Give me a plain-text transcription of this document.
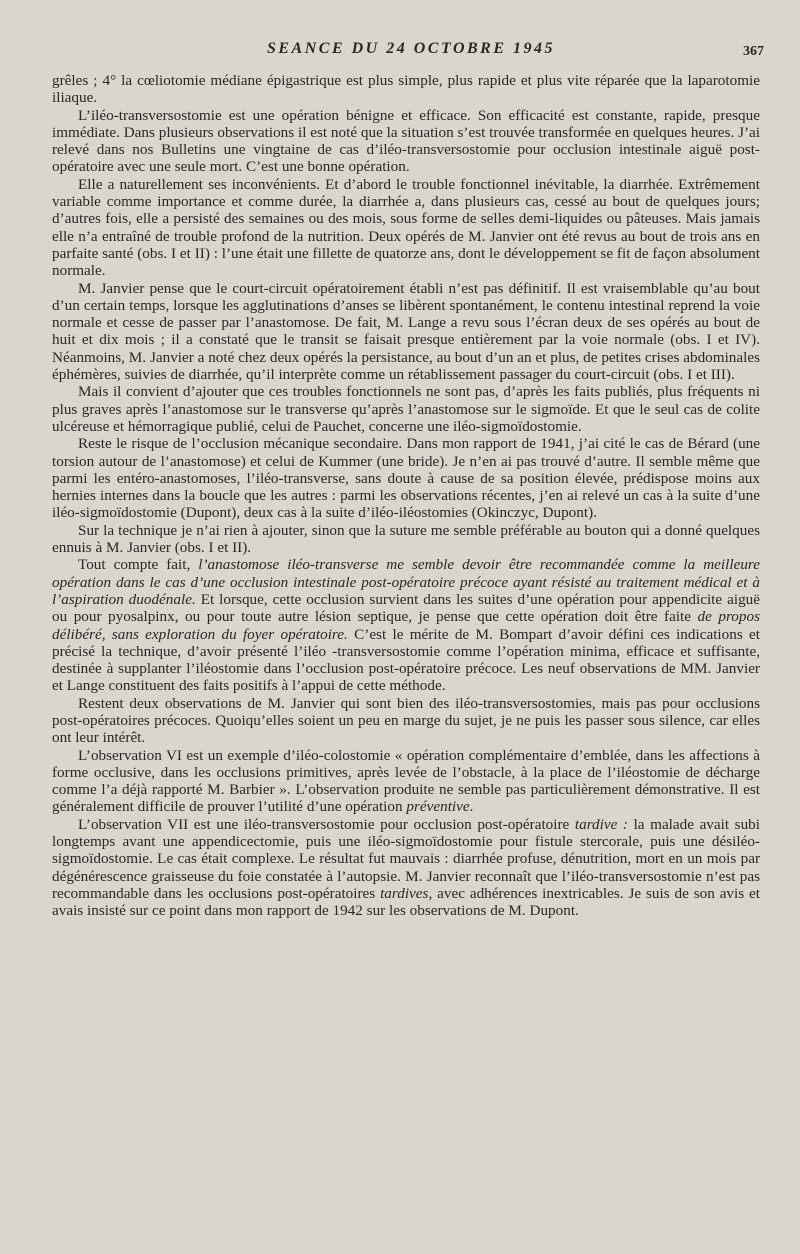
SEANCE DU 24 OCTOBRE 1945	367

grêles ; 4° la cœliotomie médiane épigastrique est plus simple, plus rapide et plus vite réparée que la laparotomie iliaque.

L’iléo-transversostomie est une opération bénigne et efficace. Son efficacité est constante, rapide, presque immédiate. Dans plusieurs observations il est noté que la situation s’est trouvée transformée en quelques heures. J’ai relevé dans nos Bulletins une vingtaine de cas d’iléo-transversostomie pour occlusion intestinale aiguë post-opératoire avec une seule mort. C’est une bonne opération.

Elle a naturellement ses inconvénients. Et d’abord le trouble fonctionnel inévitable, la diarrhée. Extrêmement variable comme importance et comme durée, la diarrhée a, dans plusieurs cas, cessé au bout de quelques jours; d’autres fois, elle a persisté des semaines ou des mois, sous forme de selles demi-liquides ou pâteuses. Mais jamais elle n’a entraîné de trouble profond de la nutrition. Deux opérés de M. Janvier ont été revus au bout de trois ans en parfaite santé (obs. I et II) : l’une était une fillette de quatorze ans, dont le développement se fit de façon absolument normale.

M. Janvier pense que le court-circuit opératoirement établi n’est pas définitif. Il est vraisemblable qu’au bout d’un certain temps, lorsque les agglutinations d’anses se libèrent spontanément, le contenu intestinal reprend la voie normale et cesse de passer par l’anastomose. De fait, M. Lange a revu sous l’écran deux de ses opérés au bout de huit et dix mois ; il a constaté que le transit se faisait presque entièrement par la voie normale (obs. I et IV). Néanmoins, M. Janvier a noté chez deux opérés la persistance, au bout d’un an et plus, de petites crises abdominales éphémères, suivies de diarrhée, qu’il interprète comme un rétablissement passager du court-circuit (obs. I et III).

Mais il convient d’ajouter que ces troubles fonctionnels ne sont pas, d’après les faits publiés, plus fréquents ni plus graves après l’anastomose sur le transverse qu’après l’anastomose sur le sigmoïde. Et que le seul cas de colite ulcéreuse et hémorragique publié, celui de Pauchet, concerne une iléo-sigmoïdostomie.

Reste le risque de l’occlusion mécanique secondaire. Dans mon rapport de 1941, j’ai cité le cas de Bérard (une torsion autour de l’anastomose) et celui de Kummer (une bride). Je n’en ai pas trouvé d’autre. Il semble même que parmi les entéro-anastomoses, l’iléo-transverse, sans doute à cause de sa position élevée, prédispose moins aux hernies internes dans la boucle que les autres : parmi les observations récentes, j’en ai relevé un cas à la suite d’une iléo-sigmoïdostomie (Dupont), deux cas à la suite d’iléo-iléostomies (Okinczyc, Dupont).

Sur la technique je n’ai rien à ajouter, sinon que la suture me semble préférable au bouton qui a donné quelques ennuis à M. Janvier (obs. I et II).

Tout compte fait, l’anastomose iléo-transverse me semble devoir être recommandée comme la meilleure opération dans le cas d’une occlusion intestinale post-opératoire précoce ayant résisté au traitement médical et à l’aspiration duodénale. Et lorsque, cette occlusion survient dans les suites d’une opération pour appendicite aiguë ou pour pyosalpinx, ou pour toute autre lésion septique, je pense que cette opération doit être faite de propos délibéré, sans exploration du foyer opératoire. C’est le mérite de M. Bompart d’avoir défini ces indications et précisé la technique, d’avoir présenté l’iléo -transversostomie comme l’opération minima, efficace et suffisante, destinée à supplanter l’iléostomie dans l’occlusion post-opératoire précoce. Les neuf observations de MM. Janvier et Lange constituent des faits positifs à l’appui de cette méthode.

Restent deux observations de M. Janvier qui sont bien des iléo-transversostomies, mais pas pour occlusions post-opératoires précoces. Quoiqu’elles soient un peu en marge du sujet, je ne puis les passer sous silence, car elles ont leur intérêt.

L’observation VI est un exemple d’iléo-colostomie « opération complémentaire d’emblée, dans les affections à forme occlusive, dans les occlusions primitives, après levée de l’obstacle, à la place de l’iléostomie de décharge comme l’a déjà rapporté M. Barbier ». L’observation produite ne semble pas particulièrement démonstrative. Il est généralement difficile de prouver l’utilité d’une opération préventive.

L’observation VII est une iléo-transversostomie pour occlusion post-opératoire tardive : la malade avait subi longtemps avant une appendicectomie, puis une iléo-sigmoïdostomie pour fistule stercorale, puis une désiléo-sigmoïdostomie. Le cas était complexe. Le résultat fut mauvais : diarrhée profuse, dénutrition, mort en un mois par dégénérescence graisseuse du foie constatée à l’autopsie. M. Janvier reconnaît que l’iléo-transversostomie n’est pas recommandable dans les occlusions post-opératoires tardives, avec adhérences inextricables. Je suis de son avis et avais insisté sur ce point dans mon rapport de 1942 sur les observations de M. Dupont.
